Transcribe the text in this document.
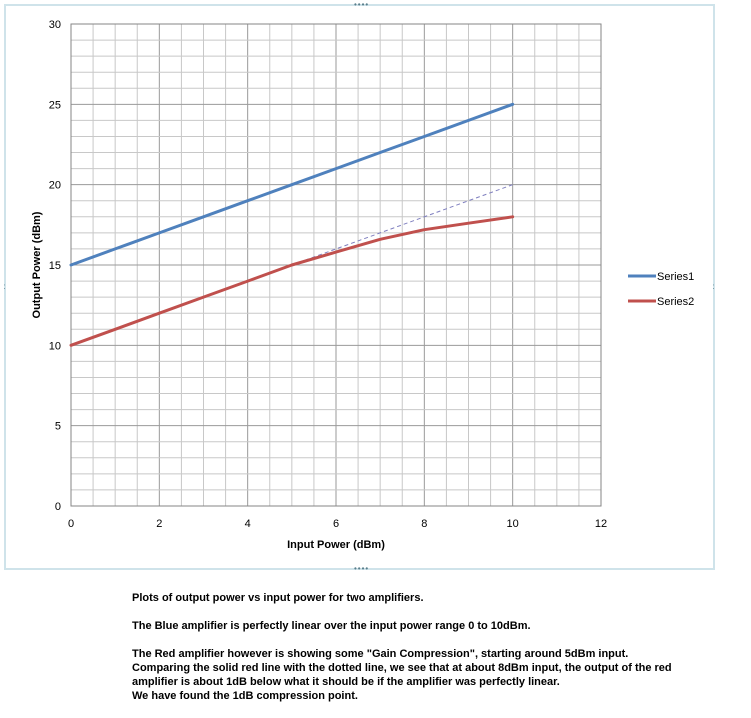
••••
••••
:	:
0
5
10
15
20
25
30
0	2	4	6	8	10	12
Input Power (dBm)
Output Power (dBm)	Series1
Series2
Plots of output power vs input power for two amplifiers.
The Blue amplifier is perfectly linear over the input power range 0 to 10dBm.
The Red amplifier however is showing some "Gain Compression", starting around 5dBm input.
Comparing the solid red line with the dotted line, we see that at about 8dBm input, the output of the red
amplifier is about 1dB below what it should be if the amplifier was perfectly linear.
We have found the 1dB compression point.
